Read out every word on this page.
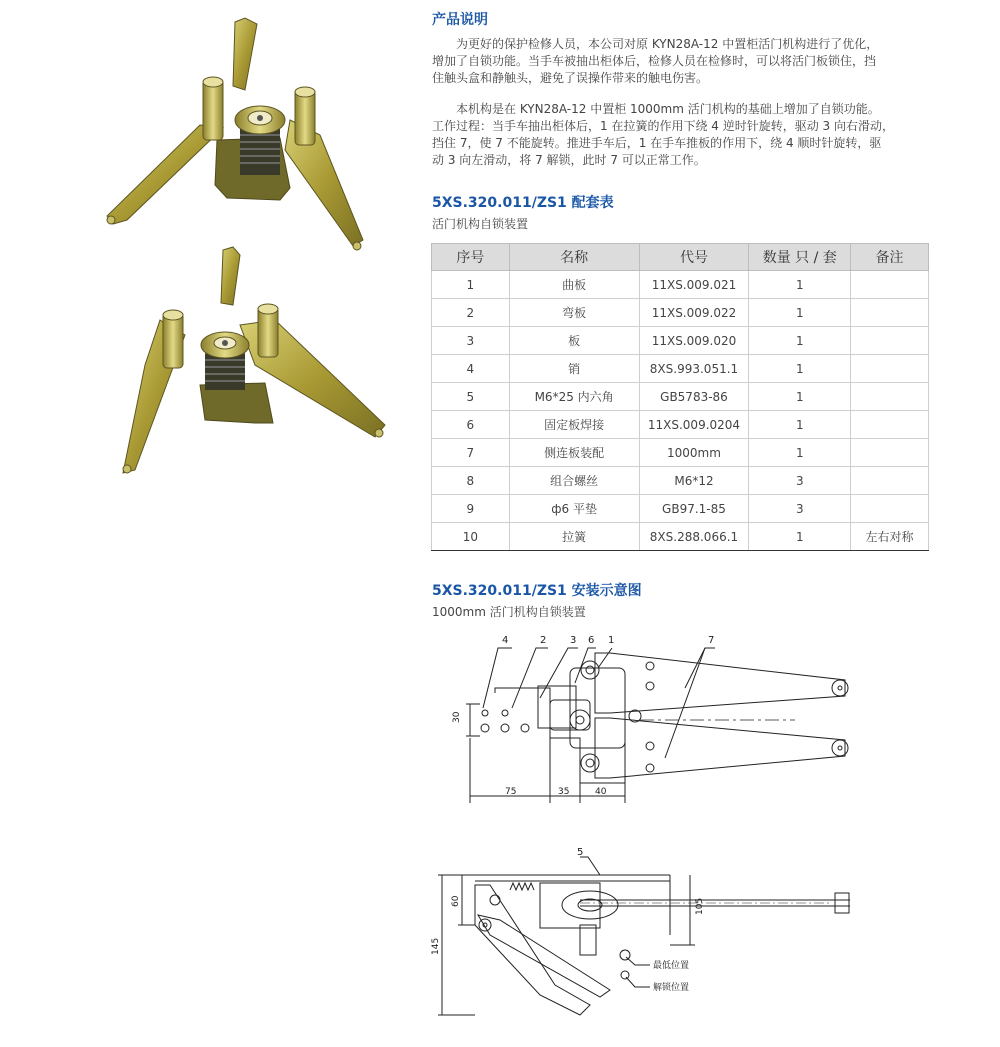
产品说明
为更好的保护检修人员，本公司对原 KYN28A-12 中置柜活门机构进行了优化，
增加了自锁功能。当手车被抽出柜体后，检修人员在检修时，可以将活门板锁住，挡
住触头盒和静触头，避免了误操作带来的触电伤害。
本机构是在 KYN28A-12 中置柜 1000mm 活门机构的基础上增加了自锁功能。
工作过程：当手车抽出柜体后，1 在拉簧的作用下绕 4 逆时针旋转，驱动 3 向右滑动，
挡住 7，使 7 不能旋转。推进手车后，1 在手车推板的作用下，绕 4 顺时针旋转，驱
动 3 向左滑动，将 7 解锁，此时 7 可以正常工作。
5XS.320.011/ZS1 配套表
活门机构自锁装置
序号	名称	代号	数量 只 / 套	备注
1	曲板	11XS.009.021	1	
2	弯板	11XS.009.022	1	
3	板	11XS.009.020	1	
4	销	8XS.993.051.1	1	
5	M6*25 内六角	GB5783-86	1	
6	固定板焊接	11XS.009.0204	1	
7	侧连板装配	1000mm	1	
8	组合螺丝	M6*12	3	
9	ф6 平垫	GB97.1-85	3	
10	拉簧	8XS.288.066.1	1	左右对称
5XS.320.011/ZS1 安装示意图
1000mm 活门机构自锁装置
4	2 3 6 1	7
30
75	35	40
5
60
145
105
最低位置
解锁位置
